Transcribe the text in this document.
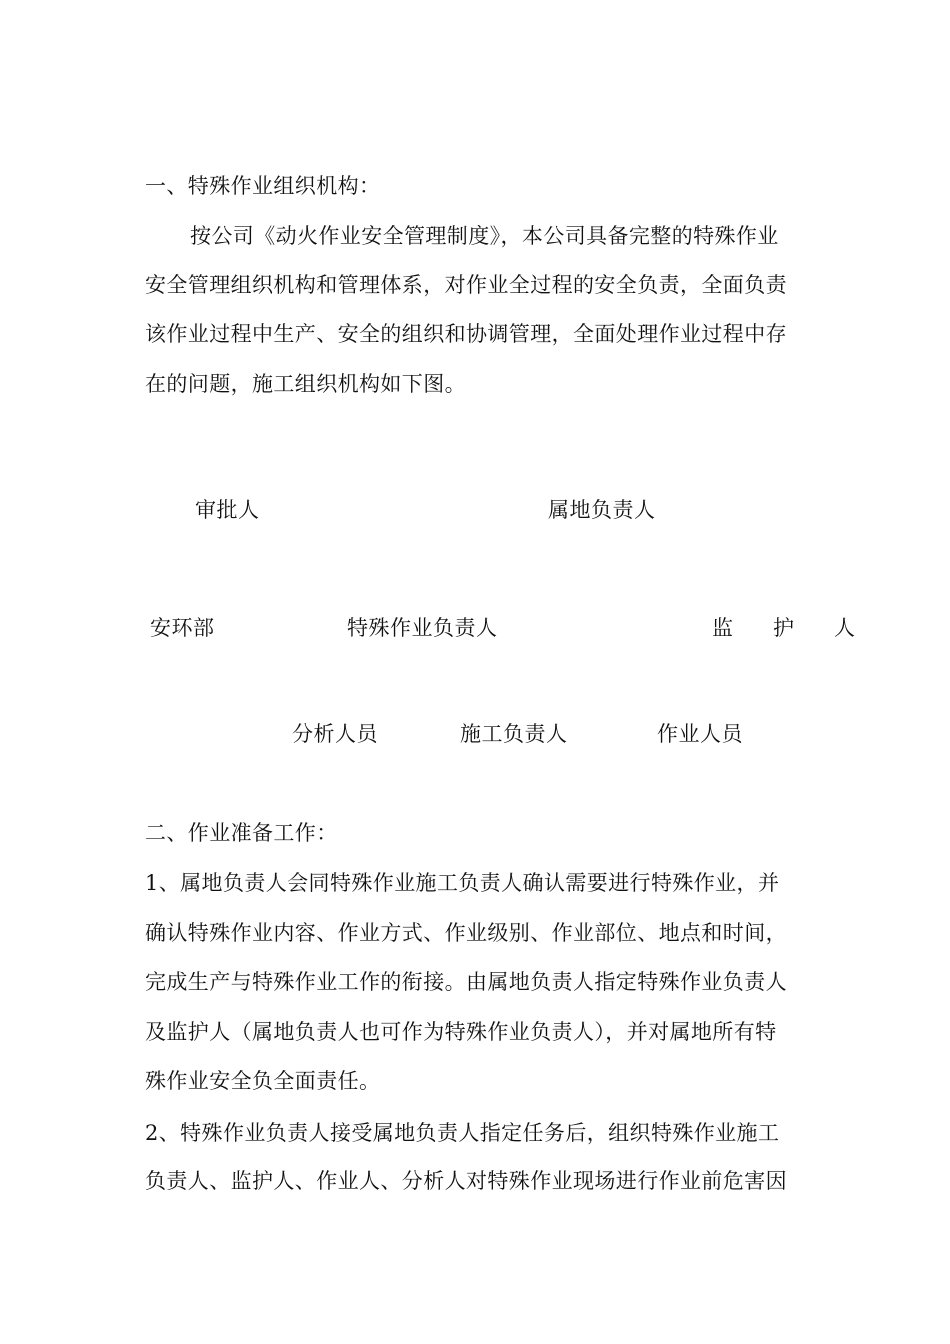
一、特殊作业组织机构：
按公司《动火作业安全管理制度》，本公司具备完整的特殊作业
安全管理组织机构和管理体系，对作业全过程的安全负责，全面负责
该作业过程中生产、安全的组织和协调管理，全面处理作业过程中存
在的问题，施工组织机构如下图。
审批人	属地负责人
安环部	特殊作业负责人	监护人
分析人员	施工负责人	作业人员
二、作业准备工作：
1、属地负责人会同特殊作业施工负责人确认需要进行特殊作业，并
确认特殊作业内容、作业方式、作业级别、作业部位、地点和时间，
完成生产与特殊作业工作的衔接。由属地负责人指定特殊作业负责人
及监护人（属地负责人也可作为特殊作业负责人），并对属地所有特
殊作业安全负全面责任。
2、特殊作业负责人接受属地负责人指定任务后，组织特殊作业施工
负责人、监护人、作业人、分析人对特殊作业现场进行作业前危害因
